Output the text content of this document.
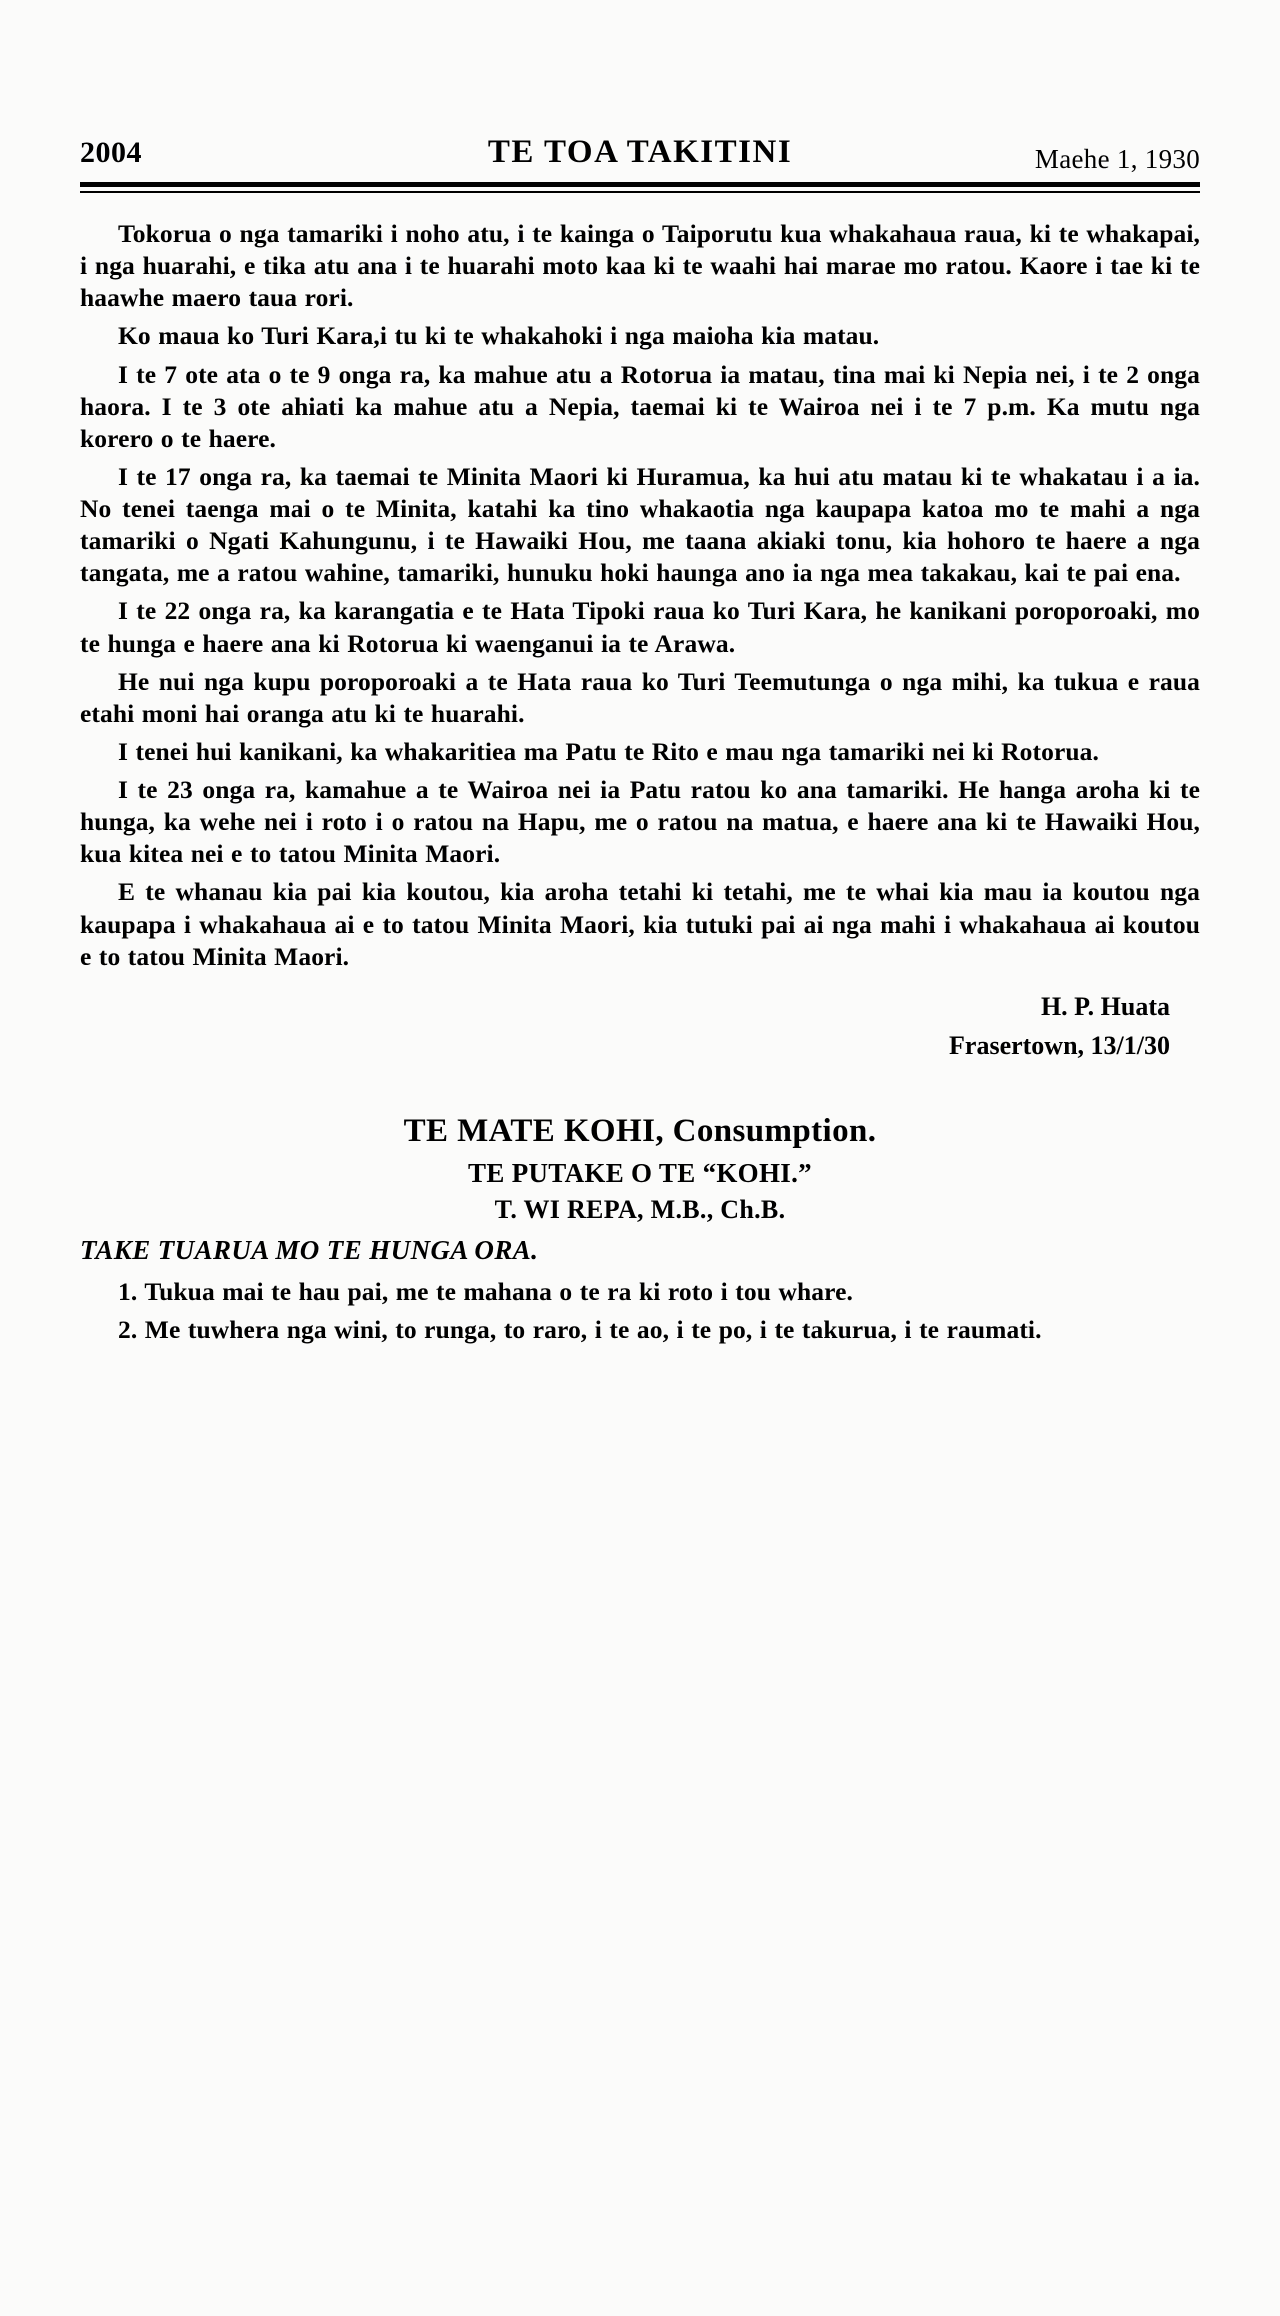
2004	TE TOA TAKITINI	Maehe 1, 1930

Tokorua o nga tamariki i noho atu, i te kainga o Taiporutu kua whakahaua raua, ki te whakapai, i nga huarahi, e tika atu ana i te huarahi moto kaa ki te waahi hai marae mo ratou. Kaore i tae ki te haawhe maero taua rori.

Ko maua ko Turi Kara,i tu ki te whakahoki i nga maioha kia matau.

I te 7 ote ata o te 9 onga ra, ka mahue atu a Rotorua ia matau, tina mai ki Nepia nei, i te 2 onga haora. I te 3 ote ahiati ka mahue atu a Nepia, taemai ki te Wairoa nei i te 7 p.m. Ka mutu nga korero o te haere.

I te 17 onga ra, ka taemai te Minita Maori ki Huramua, ka hui atu matau ki te whakatau i a ia. No tenei taenga mai o te Minita, katahi ka tino whakaotia nga kaupapa katoa mo te mahi a nga tamariki o Ngati Kahungunu, i te Hawaiki Hou, me taana akiaki tonu, kia hohoro te haere a nga tangata, me a ratou wahine, tamariki, hunuku hoki haunga ano ia nga mea takakau, kai te pai ena.

I te 22 onga ra, ka karangatia e te Hata Tipoki raua ko Turi Kara, he kanikani poroporoaki, mo te hunga e haere ana ki Rotorua ki waenganui ia te Arawa.

He nui nga kupu poroporoaki a te Hata raua ko Turi Teemutunga o nga mihi, ka tukua e raua etahi moni hai oranga atu ki te huarahi.

I tenei hui kanikani, ka whakaritiea ma Patu te Rito e mau nga tamariki nei ki Rotorua.

I te 23 onga ra, kamahue a te Wairoa nei ia Patu ratou ko ana tamariki. He hanga aroha ki te hunga, ka wehe nei i roto i o ratou na Hapu, me o ratou na matua, e haere ana ki te Hawaiki Hou, kua kitea nei e to tatou Minita Maori.

E te whanau kia pai kia koutou, kia aroha tetahi ki tetahi, me te whai kia mau ia koutou nga kaupapa i whakahaua ai e to tatou Minita Maori, kia tutuki pai ai nga mahi i whakahaua ai koutou e to tatou Minita Maori.

H. P. Huata
Frasertown, 13/1/30
TE MATE KOHI, Consumption.
TE PUTAKE O TE “KOHI.”
T. WI REPA, M.B., Ch.B.
TAKE TUARUA MO TE HUNGA ORA.

1. Tukua mai te hau pai, me te mahana o te ra ki roto i tou whare.

2. Me tuwhera nga wini, to runga, to raro, i te ao, i te po, i te takurua, i te raumati.
